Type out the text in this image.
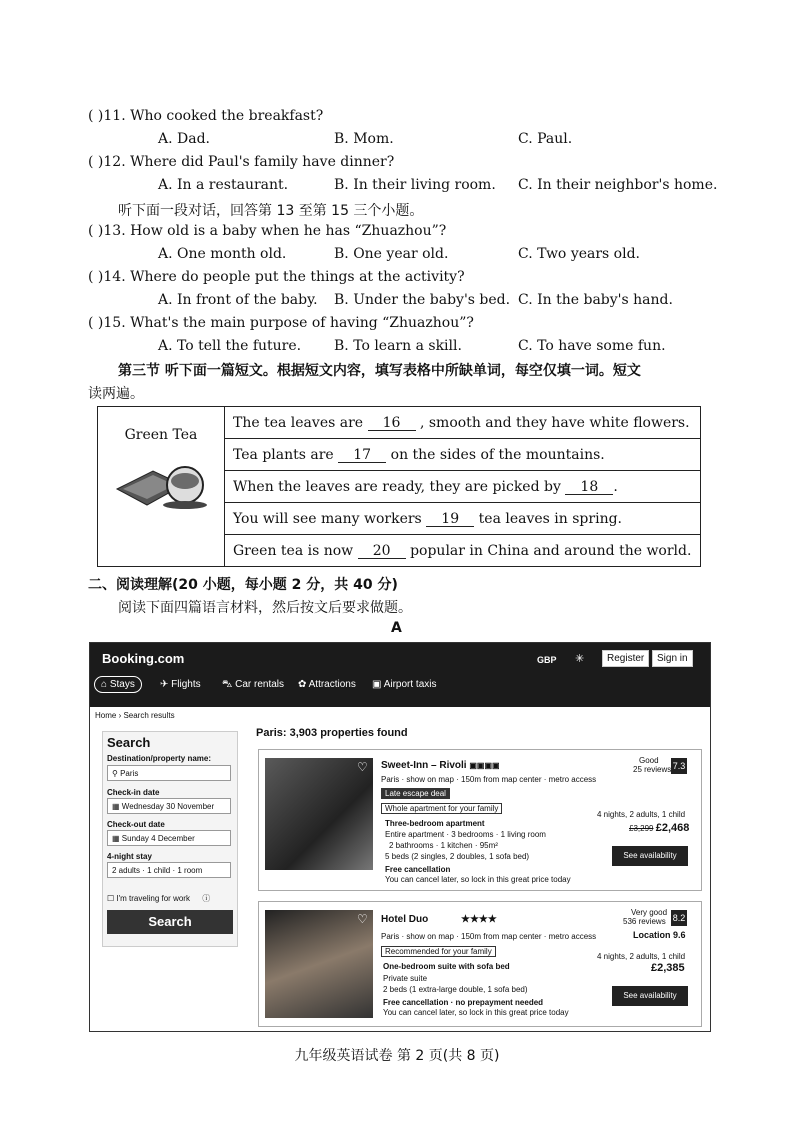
( )11. Who cooked the breakfast?
A. Dad.	B. Mom.	C. Paul.
( )12. Where did Paul's family have dinner?
A. In a restaurant.	B. In their living room. C. In their neighbor's home.
听下面一段对话，回答第 13 至第 15 三个小题。
( )13. How old is a baby when he has “Zhuazhou”?
A. One month old.	B. One year old.	C. Two years old.
( )14. Where do people put the things at the activity?
A. In front of the baby. B. Under the baby's bed. C. In the baby's hand.
( )15. What's the main purpose of having “Zhuazhou”?
A. To tell the future. B. To learn a skill.	C. To have some fun.
第三节 听下面一篇短文。根据短文内容，填写表格中所缺单词，每空仅填一词。短文
读两遍。
Green Tea
	The tea leaves are 16 , smooth and they have white flowers.
Tea plants are 17 on the sides of the mountains.
When the leaves are ready, they are picked by 18 .
You will see many workers 19 tea leaves in spring.
Green tea is now 20 popular in China and around the world.
二、阅读理解(20 小题，每小题 2 分，共 40 分)
阅读下面四篇语言材料，然后按文后要求做题。
A
Booking.com	GBP ✳	Register	Sign in
⌂ Stays	✈ Flights ⛍ Car rentals ✿ Attractions ▣ Airport taxis
Home › Search results
Search
Destination/property name:
⚲ Paris
Check-in date
▦ Wednesday 30 November
Check-out date
▦ Sunday 4 December
4-night stay
2 adults · 1 child · 1 room
☐ I'm traveling for work ⓘ
Search
Paris: 3,903 properties found
♡ Sweet-Inn – Rivoli ▣▣▣▣
Paris · show on map · 150m from map center · metro access
Late escape deal
Whole apartment for your family
Three-bedroom apartment
Entire apartment · 3 bedrooms · 1 living room
2 bathrooms · 1 kitchen · 95m²
5 beds (2 singles, 2 doubles, 1 sofa bed)
Free cancellation
You can cancel later, so lock in this great price today
Good
25 reviews 7.3
4 nights, 2 adults, 1 child
£3,299 £2,468
See availability
♡ Hotel Duo	★★★★
Paris · show on map · 150m from map center · metro access
Recommended for your family
One-bedroom suite with sofa bed
Private suite
2 beds (1 extra-large double, 1 sofa bed)
Free cancellation · no prepayment needed
You can cancel later, so lock in this great price today
Very good
536 reviews 8.2
Location 9.6
4 nights, 2 adults, 1 child
£2,385
See availability
九年级英语试卷 第 2 页(共 8 页)
